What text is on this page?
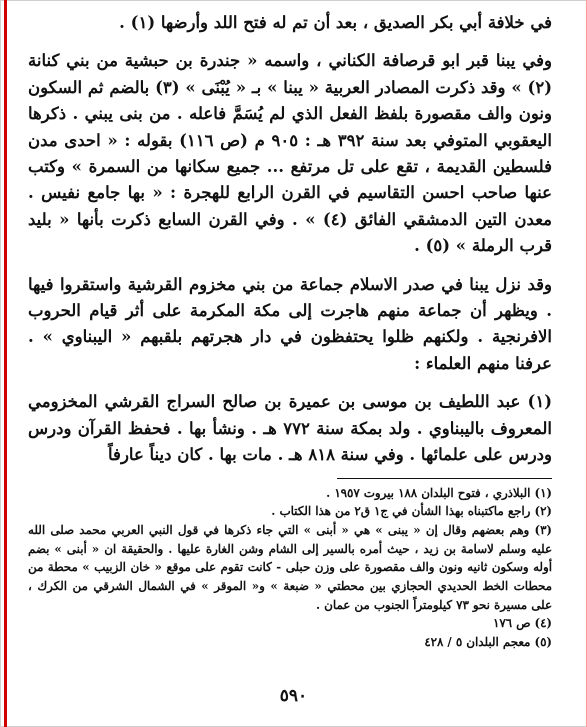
في خلافة أبي بكر الصديق ، بعد أن تم له فتح اللد وأرضها (١) .

وفي يبنا قبر ابو قرصافة الكناني ، واسمه « جندرة بن حبشية من بني كنانة (٢) » وقد ذكرت المصادر العربية « يبنا » بـ « يُبْنَى » (٣) بالضم ثم السكون ونون والف مقصورة بلفظ الفعل الذي لم يُسَمَّ فاعله . من بنى يبني . ذكرها اليعقوبي المتوفي بعد سنة ٣٩٢ هـ : ٩٠٥ م (ص ١١٦) بقوله : « احدى مدن فلسطين القديمة ، تقع على تل مرتفع ... جميع سكانها من السمرة » وكتب عنها صاحب احسن التقاسيم في القرن الرابع للهجرة : « بها جامع نفيس . معدن التين الدمشقي الفائق (٤) » . وفي القرن السابع ذكرت بأنها « بليد قرب الرملة » (٥) .

وقد نزل يبنا في صدر الاسلام جماعة من بني مخزوم القرشية واستقروا فيها . ويظهر أن جماعة منهم هاجرت إلى مكة المكرمة على أثر قيام الحروب الافرنجية . ولكنهم ظلوا يحتفظون في دار هجرتهم بلقبهم « اليبناوي » . عرفنا منهم العلماء :

(١) عبد اللطيف بن موسى بن عميرة بن صالح السراج القرشي المخزومي المعروف باليبناوي . ولد بمكة سنة ٧٧٢ هـ . ونشأ بها . فحفظ القرآن ودرس ودرس على علمائها . وفي سنة ٨١٨ هـ . مات بها . كان ديناً عارفاً

(١) البلاذري ، فتوح البلدان ١٨٨ بيروت ١٩٥٧ .

(٢) راجع ماكتبناه بهذا الشأن في ج١ ق٢ من هذا الكتاب .

(٣) وهم بعضهم وقال إن « يبنى » هي « أبنى » التي جاء ذكرها في قول النبي العربي محمد صلى الله عليه وسلم لاسامة بن زيد ، حيث أمره بالسير إلى الشام وشن الغارة عليها . والحقيقة ان « أبنى » بضم أوله وسكون ثانيه ونون والف مقصورة على وزن حبلى - كانت تقوم على موقع « خان الزبيب » محطة من محطات الخط الحديدي الحجازي بين محطتي « ضبعة » و« الموقر » في الشمال الشرقي من الكرك ، على مسيرة نحو ٧٣ كيلومتراً الجنوب من عمان .

(٤) ص ١٧٦

(٥) معجم البلدان ٥ / ٤٢٨

٥٩٠
